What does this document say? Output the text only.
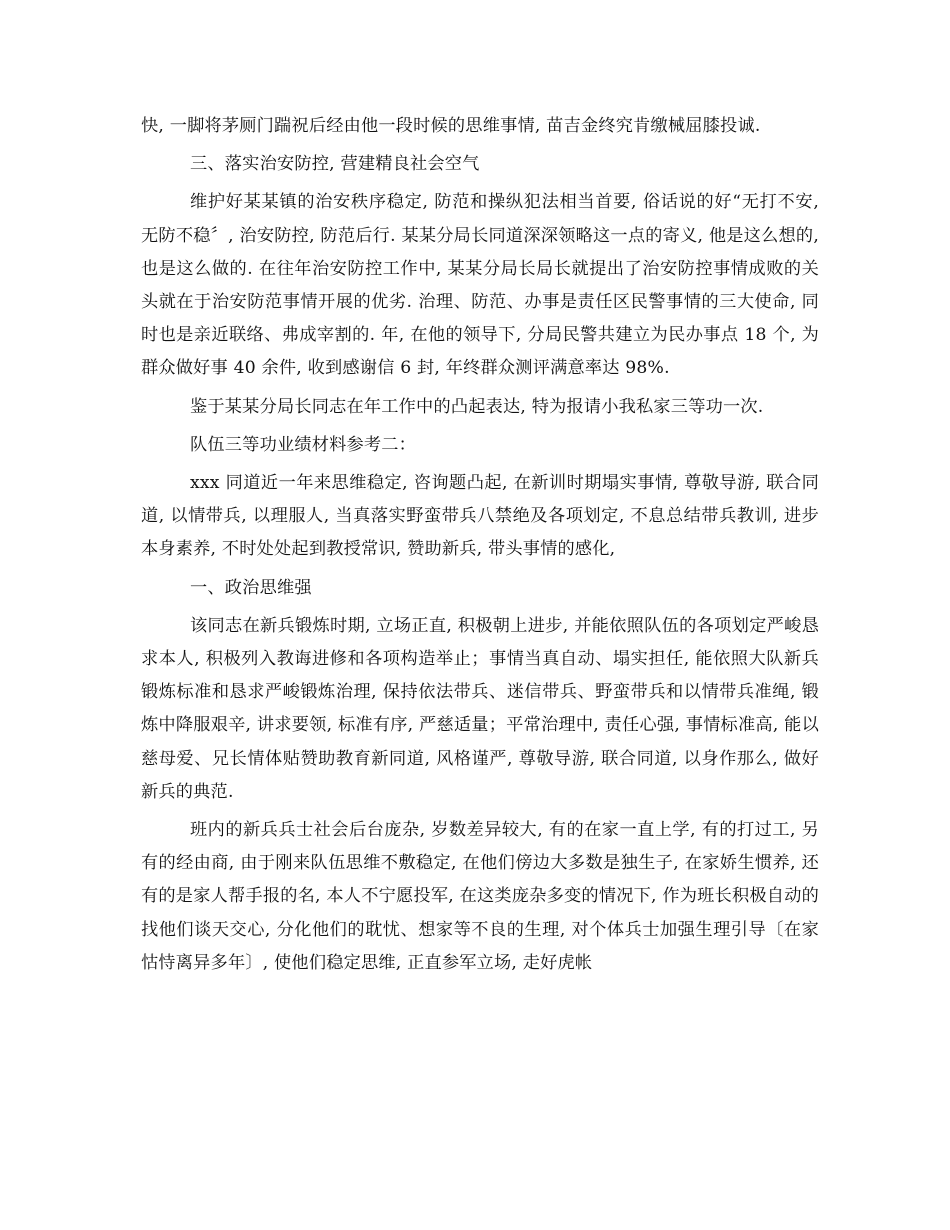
快, 一脚将茅厕门踹祝后经由他一段时候的思维事情, 苗吉金终究肯缴械屈膝投诚.

三、落实治安防控, 营建精良社会空气

维护好某某镇的治安秩序稳定, 防范和操纵犯法相当首要, 俗话说的好“无打不安, 无防不稳〞, 治安防控, 防范后行. 某某分局长同道深深领略这一点的寄义, 他是这么想的, 也是这么做的. 在往年治安防控工作中, 某某分局长局长就提出了治安防控事情成败的关头就在于治安防范事情开展的优劣. 治理、防范、办事是责任区民警事情的三大使命, 同时也是亲近联络、弗成宰割的. 年, 在他的领导下, 分局民警共建立为民办事点 18 个, 为群众做好事 40 余件, 收到感谢信 6 封, 年终群众测评满意率达 98%.

鉴于某某分局长同志在年工作中的凸起表达, 特为报请小我私家三等功一次.

队伍三等功业绩材料参考二：

xxx 同道近一年来思维稳定, 咨询题凸起, 在新训时期塌实事情, 尊敬导游, 联合同道, 以情带兵, 以理服人, 当真落实野蛮带兵八禁绝及各项划定, 不息总结带兵教训, 进步本身素养, 不时处处起到教授常识, 赞助新兵, 带头事情的感化,

一、政治思维强

该同志在新兵锻炼时期, 立场正直, 积极朝上进步, 并能依照队伍的各项划定严峻恳求本人, 积极列入教诲进修和各项构造举止；事情当真自动、塌实担任, 能依照大队新兵锻炼标准和恳求严峻锻炼治理, 保持依法带兵、迷信带兵、野蛮带兵和以情带兵准绳, 锻炼中降服艰辛, 讲求要领, 标准有序, 严慈适量；平常治理中, 责任心强, 事情标准高, 能以慈母爱、兄长情体贴赞助教育新同道, 风格谨严, 尊敬导游, 联合同道, 以身作那么, 做好新兵的典范.

班内的新兵兵士社会后台庞杂, 岁数差异较大, 有的在家一直上学, 有的打过工, 另有的经由商, 由于刚来队伍思维不敷稳定, 在他们傍边大多数是独生子, 在家娇生惯养, 还有的是家人帮手报的名, 本人不宁愿投军, 在这类庞杂多变的情况下, 作为班长积极自动的找他们谈天交心, 分化他们的耽忧、想家等不良的生理, 对个体兵士加强生理引导〔在家怙恃离异多年〕, 使他们稳定思维, 正直参军立场, 走好虎帐
